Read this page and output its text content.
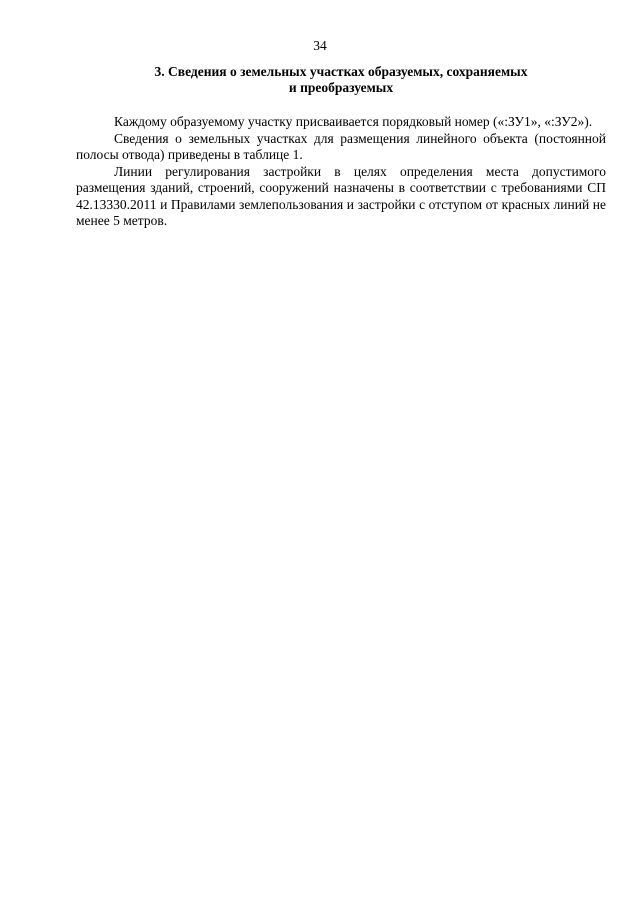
34
3. Сведения о земельных участках образуемых, сохраняемых
и преобразуемых

Каждому образуемому участку присваивается порядковый номер («:ЗУ1», «:ЗУ2»).

Сведения о земельных участках для размещения линейного объекта (постоянной полосы отвода) приведены в таблице 1.

Линии регулирования застройки в целях определения места допустимого размещения зданий, строений, сооружений назначены в соответствии с требованиями СП 42.13330.2011 и Правилами землепользования и застройки с отступом от красных линий не менее 5 метров.
